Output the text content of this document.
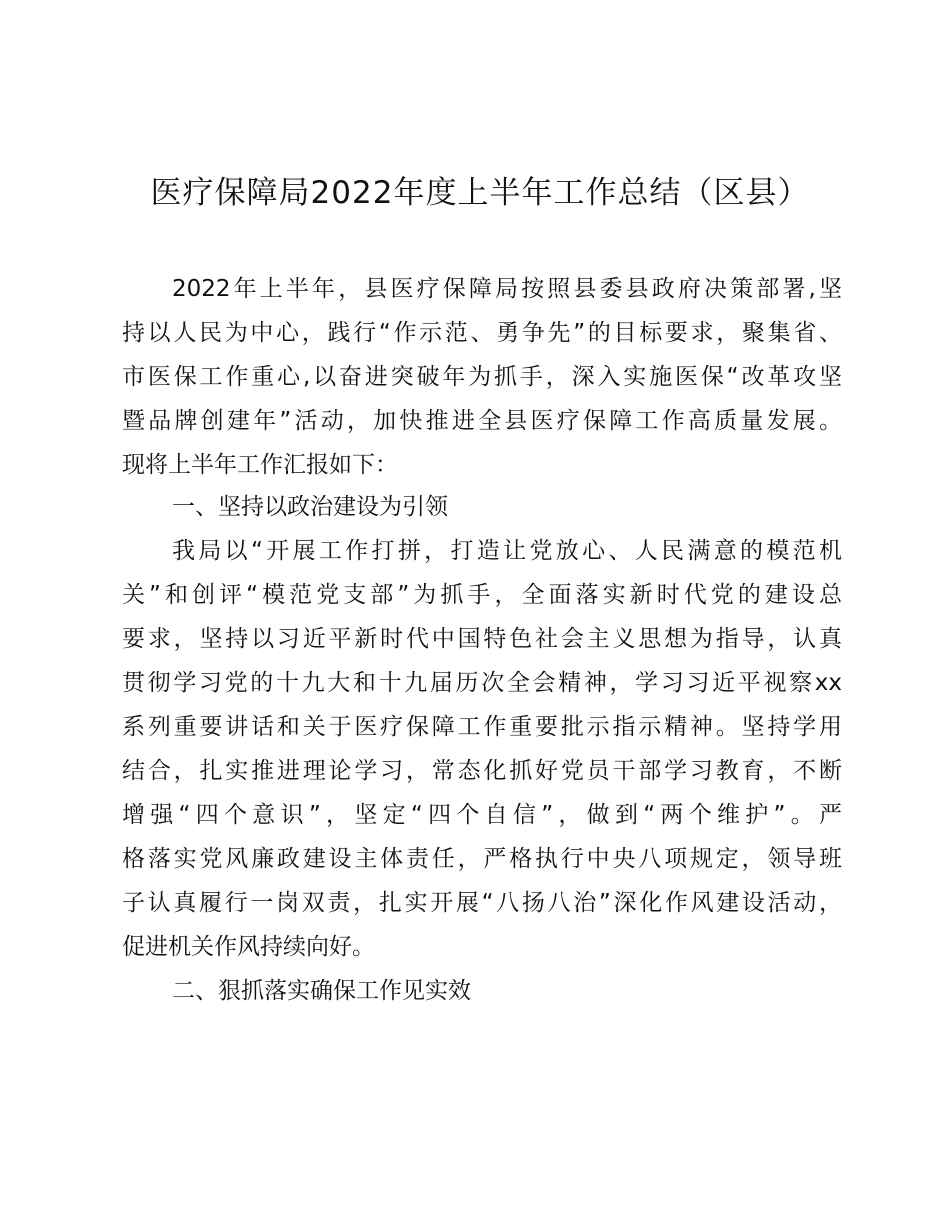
医疗保障局2022年度上半年工作总结（区县）

2022年上半年，县医疗保障局按照县委县政府决策部署,坚

持以人民为中心，践行“作示范、勇争先”的目标要求，聚集省、

市医保工作重心,以奋进突破年为抓手，深入实施医保“改革攻坚

暨品牌创建年”活动，加快推进全县医疗保障工作高质量发展。

现将上半年工作汇报如下：

一、坚持以政治建设为引领

我局以“开展工作打拼，打造让党放心、人民满意的模范机

关”和创评“模范党支部”为抓手，全面落实新时代党的建设总

要求，坚持以习近平新时代中国特色社会主义思想为指导，认真

贯彻学习党的十九大和十九届历次全会精神，学习习近平视察xx

系列重要讲话和关于医疗保障工作重要批示指示精神。坚持学用

结合，扎实推进理论学习，常态化抓好党员干部学习教育，不断

增强“四个意识”，坚定“四个自信”，做到“两个维护”。严

格落实党风廉政建设主体责任，严格执行中央八项规定，领导班

子认真履行一岗双责，扎实开展“八扬八治”深化作风建设活动，

促进机关作风持续向好。

二、狠抓落实确保工作见实效
